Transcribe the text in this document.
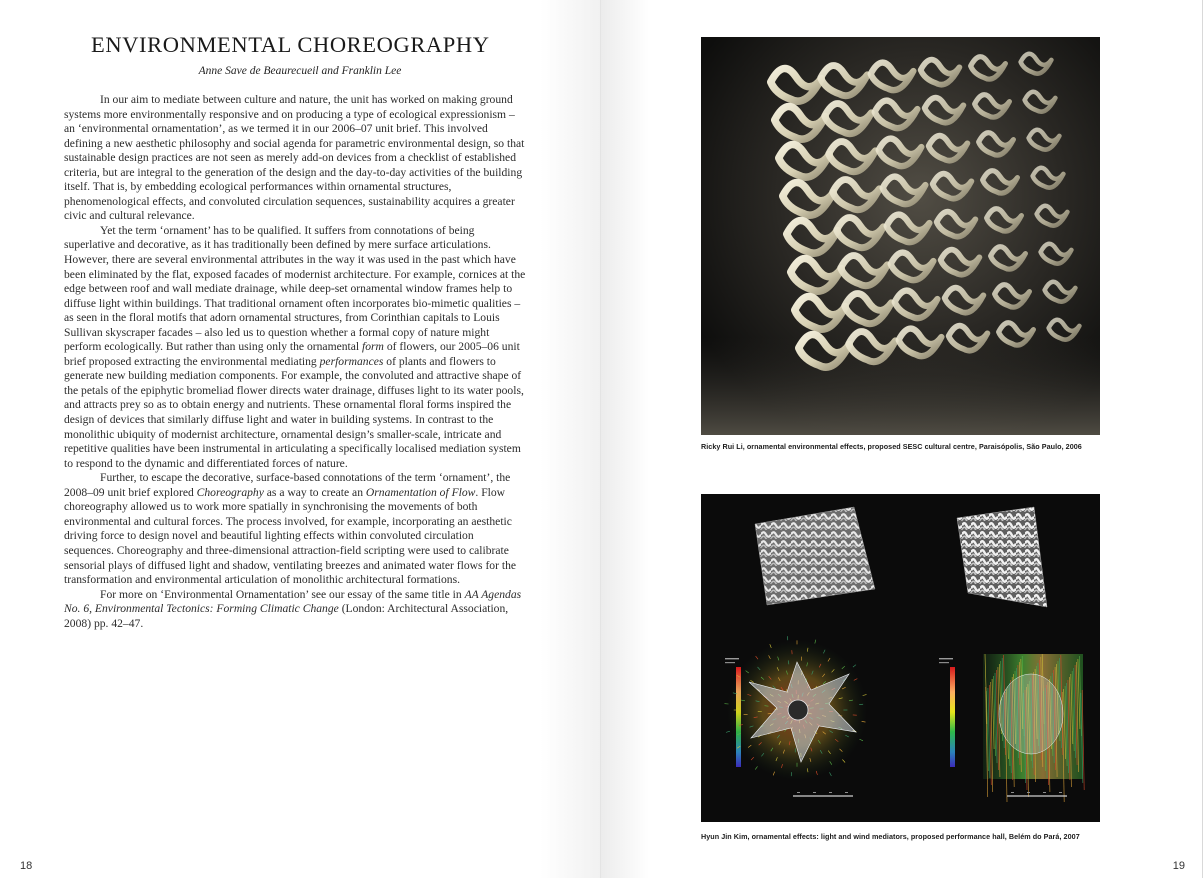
ENVIRONMENTAL CHOREOGRAPHY
Anne Save de Beaurecueil and Franklin Lee

In our aim to mediate between culture and nature, the unit has worked on making ground systems more environmentally responsive and on producing a type of ecological expressionism – an ‘environmental ornamentation’, as we termed it in our 2006–07 unit brief. This involved defining a new aesthetic philosophy and social agenda for parametric environmental design, so that sustainable design practices are not seen as merely add-on devices from a checklist of established criteria, but are integral to the generation of the design and the day-to-day activities of the building itself. That is, by embedding ecological performances within ornamental structures, phenomenological effects, and convoluted circulation sequences, sustainability acquires a greater civic and cultural relevance.

Yet the term ‘ornament’ has to be qualified. It suffers from connotations of being superlative and decorative, as it has traditionally been defined by mere surface articulations. However, there are several environmental attributes in the way it was used in the past which have been eliminated by the flat, exposed facades of modernist architecture. For example, cornices at the edge between roof and wall mediate drainage, while deep-set ornamental window frames help to diffuse light within buildings. That traditional ornament often incorporates bio-mimetic qualities – as seen in the floral motifs that adorn ornamental structures, from Corinthian capitals to Louis Sullivan skyscraper facades – also led us to question whether a formal copy of nature might perform ecologically. But rather than using only the ornamental form of flowers, our 2005–06 unit brief proposed extracting the environmental mediating performances of plants and flowers to generate new building mediation components. For example, the convoluted and attractive shape of the petals of the epiphytic bromeliad flower directs water drainage, diffuses light to its water pools, and attracts prey so as to obtain energy and nutrients. These ornamental floral forms inspired the design of devices that similarly diffuse light and water in building systems. In contrast to the monolithic ubiquity of modernist architecture, ornamental design’s smaller-scale, intricate and repetitive qualities have been instrumental in articulating a specifically localised mediation system to respond to the dynamic and differentiated forces of nature.

Further, to escape the decorative, surface-based connotations of the term ‘ornament’, the 2008–09 unit brief explored Choreography as a way to create an Ornamentation of Flow. Flow choreography allowed us to work more spatially in synchronising the movements of both environmental and cultural forces. The process involved, for example, incorporating an aesthetic driving force to design novel and beautiful lighting effects within convoluted circulation sequences. Choreography and three-dimensional attraction-field scripting were used to calibrate sensorial plays of diffused light and shadow, ventilating breezes and animated water flows for the transformation and environmental articulation of monolithic architectural formations.

For more on ‘Environmental Ornamentation’ see our essay of the same title in AA Agendas No. 6, Environmental Tectonics: Forming Climatic Change (London: Architectural Association, 2008) pp. 42–47.

18
Ricky Rui Li, ornamental environmental effects, proposed SESC cultural centre, Paraisópolis, São Paulo, 2006
Hyun Jin Kim, ornamental effects: light and wind mediators, proposed performance hall, Belém do Pará, 2007
19
